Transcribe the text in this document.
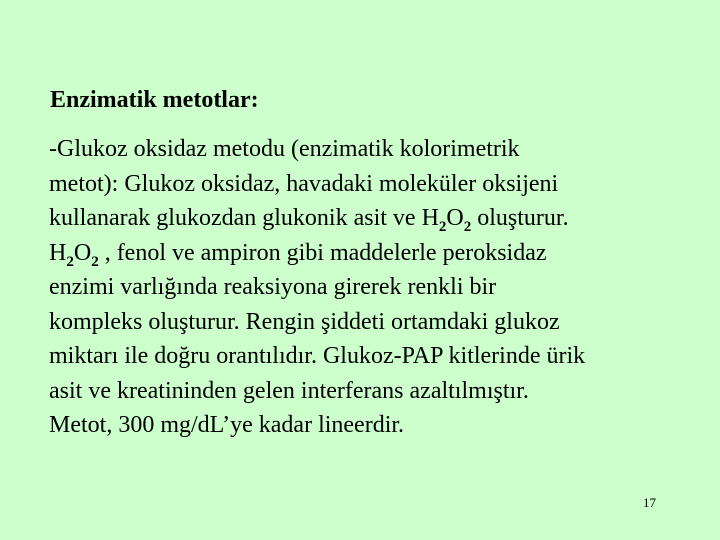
Enzimatik metotlar:
-Glukoz oksidaz metodu (enzimatik kolorimetrik
metot): Glukoz oksidaz, havadaki moleküler oksijeni
kullanarak glukozdan glukonik asit ve $H_2O_2$ oluşturur.
$H_2O_2$ , fenol ve ampiron gibi maddelerle peroksidaz
enzimi varlığında reaksiyona girerek renkli bir
kompleks oluşturur. Rengin şiddeti ortamdaki glukoz
miktarı ile doğru orantılıdır. Glukoz-PAP kitlerinde ürik
asit ve kreatininden gelen interferans azaltılmıştır.
Metot, 300 mg/dL’ye kadar lineerdir.
17
